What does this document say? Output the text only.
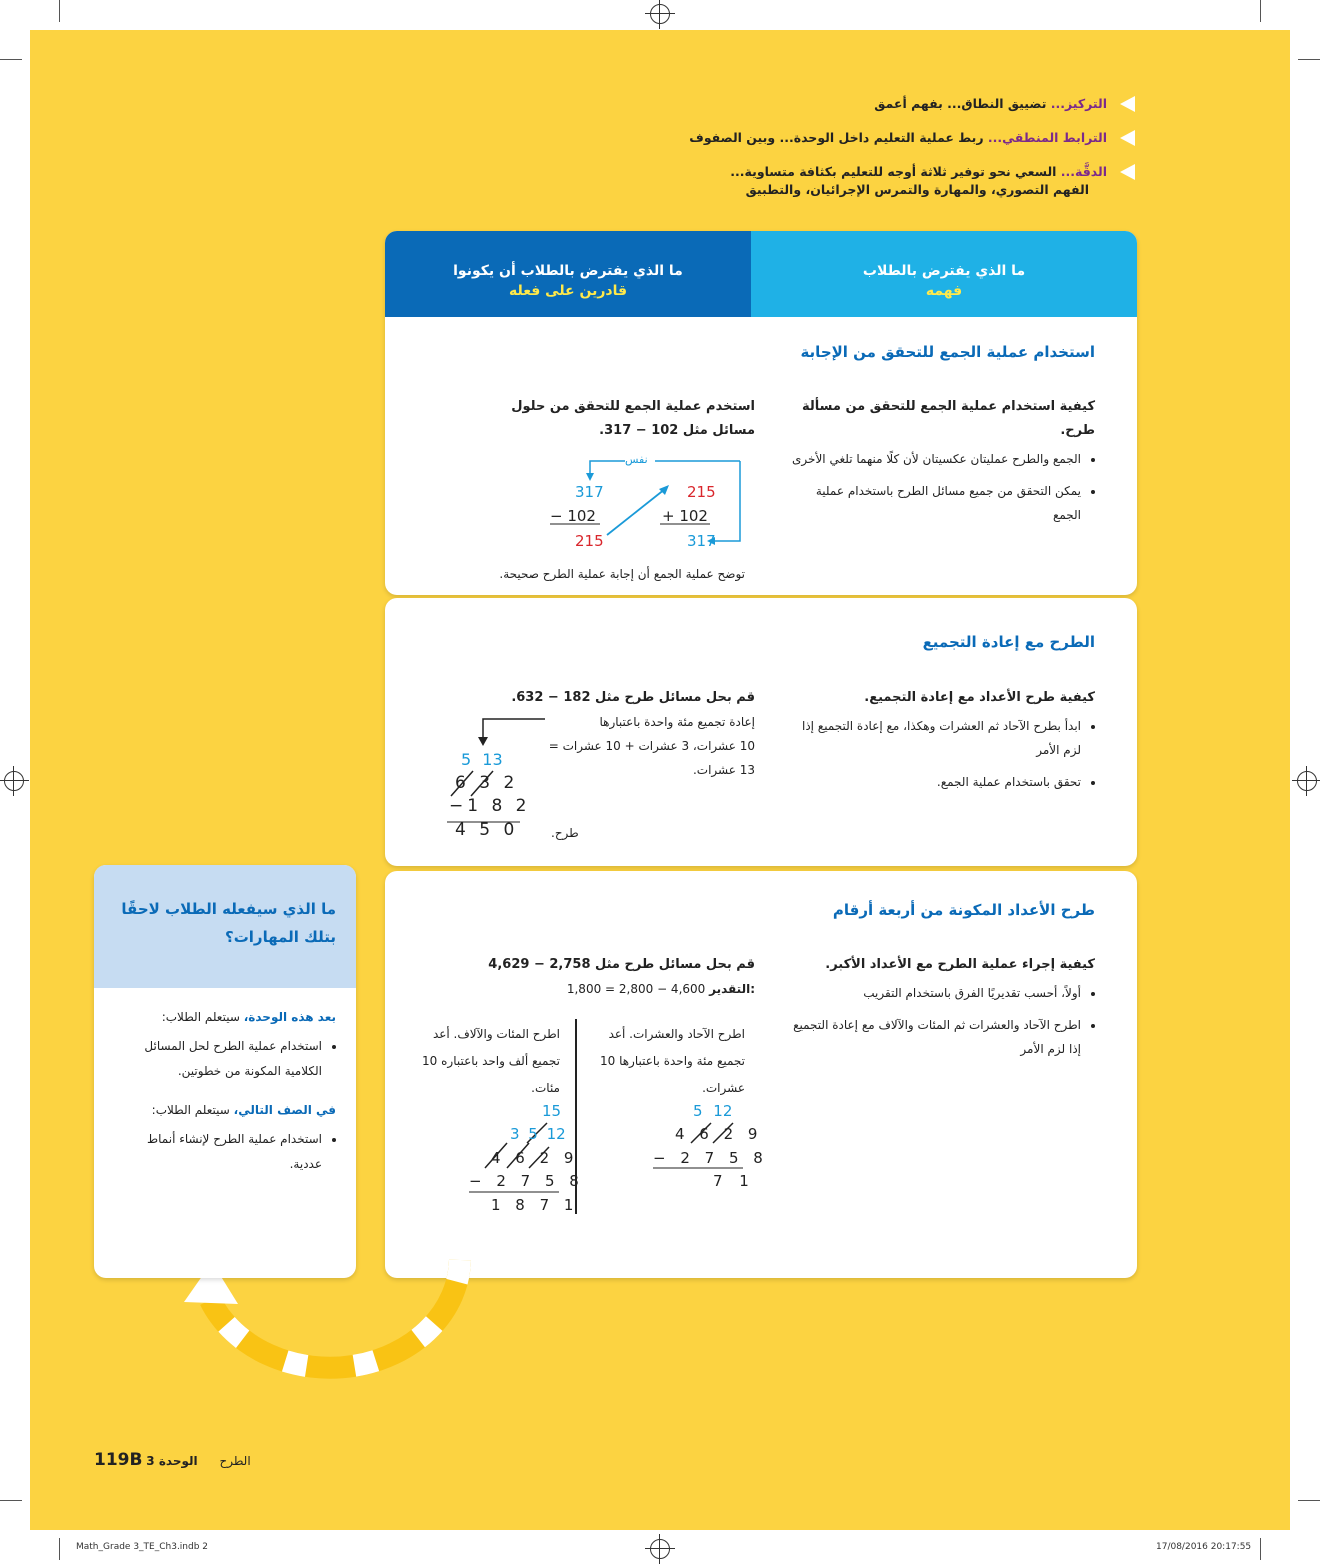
التركيز... تضييق النطاق... بفهم أعمق
الترابط المنطقي... ربط عملية التعليم داخل الوحدة... وبين الصفوف
الدقَّة... السعي نحو توفير ثلاثة أوجه للتعليم بكثافة متساوية...
الفهم التصوري، والمهارة والتمرس الإجرائيان، والتطبيق
ما الذي يفترض بالطلاب أن يكونوا
قادرين على فعله
ما الذي يفترض بالطلاب
فهمه
استخدام عملية الجمع للتحقق من الإجابة
كيفية استخدام عملية الجمع للتحقق من مسألة طرح.
• الجمع والطرح عمليتان عكسيتان لأن كلًا منهما تلغي الأخرى
• يمكن التحقق من جميع مسائل الطرح باستخدام عملية الجمع
استخدم عملية الجمع للتحقق من حلول مسائل مثل 102 − 317.
نفس
317
− 102
215
215
+ 102
317
توضح عملية الجمع أن إجابة عملية الطرح صحيحة.
الطرح مع إعادة التجميع
كيفية طرح الأعداد مع إعادة التجميع.
• ابدأ بطرح الآحاد ثم العشرات وهكذا، مع إعادة التجميع إذا لزم الأمر
• تحقق باستخدام عملية الجمع.
قم بحل مسائل طرح مثل 182 − 632.
إعادة تجميع مئة واحدة باعتبارها
10 عشرات، 3 عشرات + 10 عشرات =
13 عشرات.
5 13
6 3 2
−1 8 2
4 5 0	طرح.
طرح الأعداد المكونة من أربعة أرقام
كيفية إجراء عملية الطرح مع الأعداد الأكبر.
• أولاً، أحسب تقديريًا الفرق باستخدام التقريب
• اطرح الآحاد والعشرات ثم المئات والآلاف مع إعادة التجميع إذا لزم الأمر
قم بحل مسائل طرح مثل 2,758 − 4,629
1,800 = 2,800 − 4,600 التقدير:
اطرح الآحاد والعشرات. أعد تجميع مئة واحدة باعتبارها 10 عشرات.
اطرح المئات والآلاف. أعد تجميع ألف واحد باعتباره 10 مئات.
5 12
4 6 2 9
− 2 7 5 8
7 1
15
3 5 12
4 6 2 9
− 2 7 5 8
1 8 7 1
ما الذي سيفعله الطلاب لاحقًا بتلك المهارات؟
بعد هذه الوحدة، سيتعلم الطلاب:
• استخدام عملية الطرح لحل المسائل الكلامية المكونة من خطوتين.
في الصف التالي، سيتعلم الطلاب:
• استخدام عملية الطرح لإنشاء أنماط عددية.
119B	الطرح الوحدة 3
Math_Grade 3_TE_Ch3.indb 2	17/08/2016 20:17:55
